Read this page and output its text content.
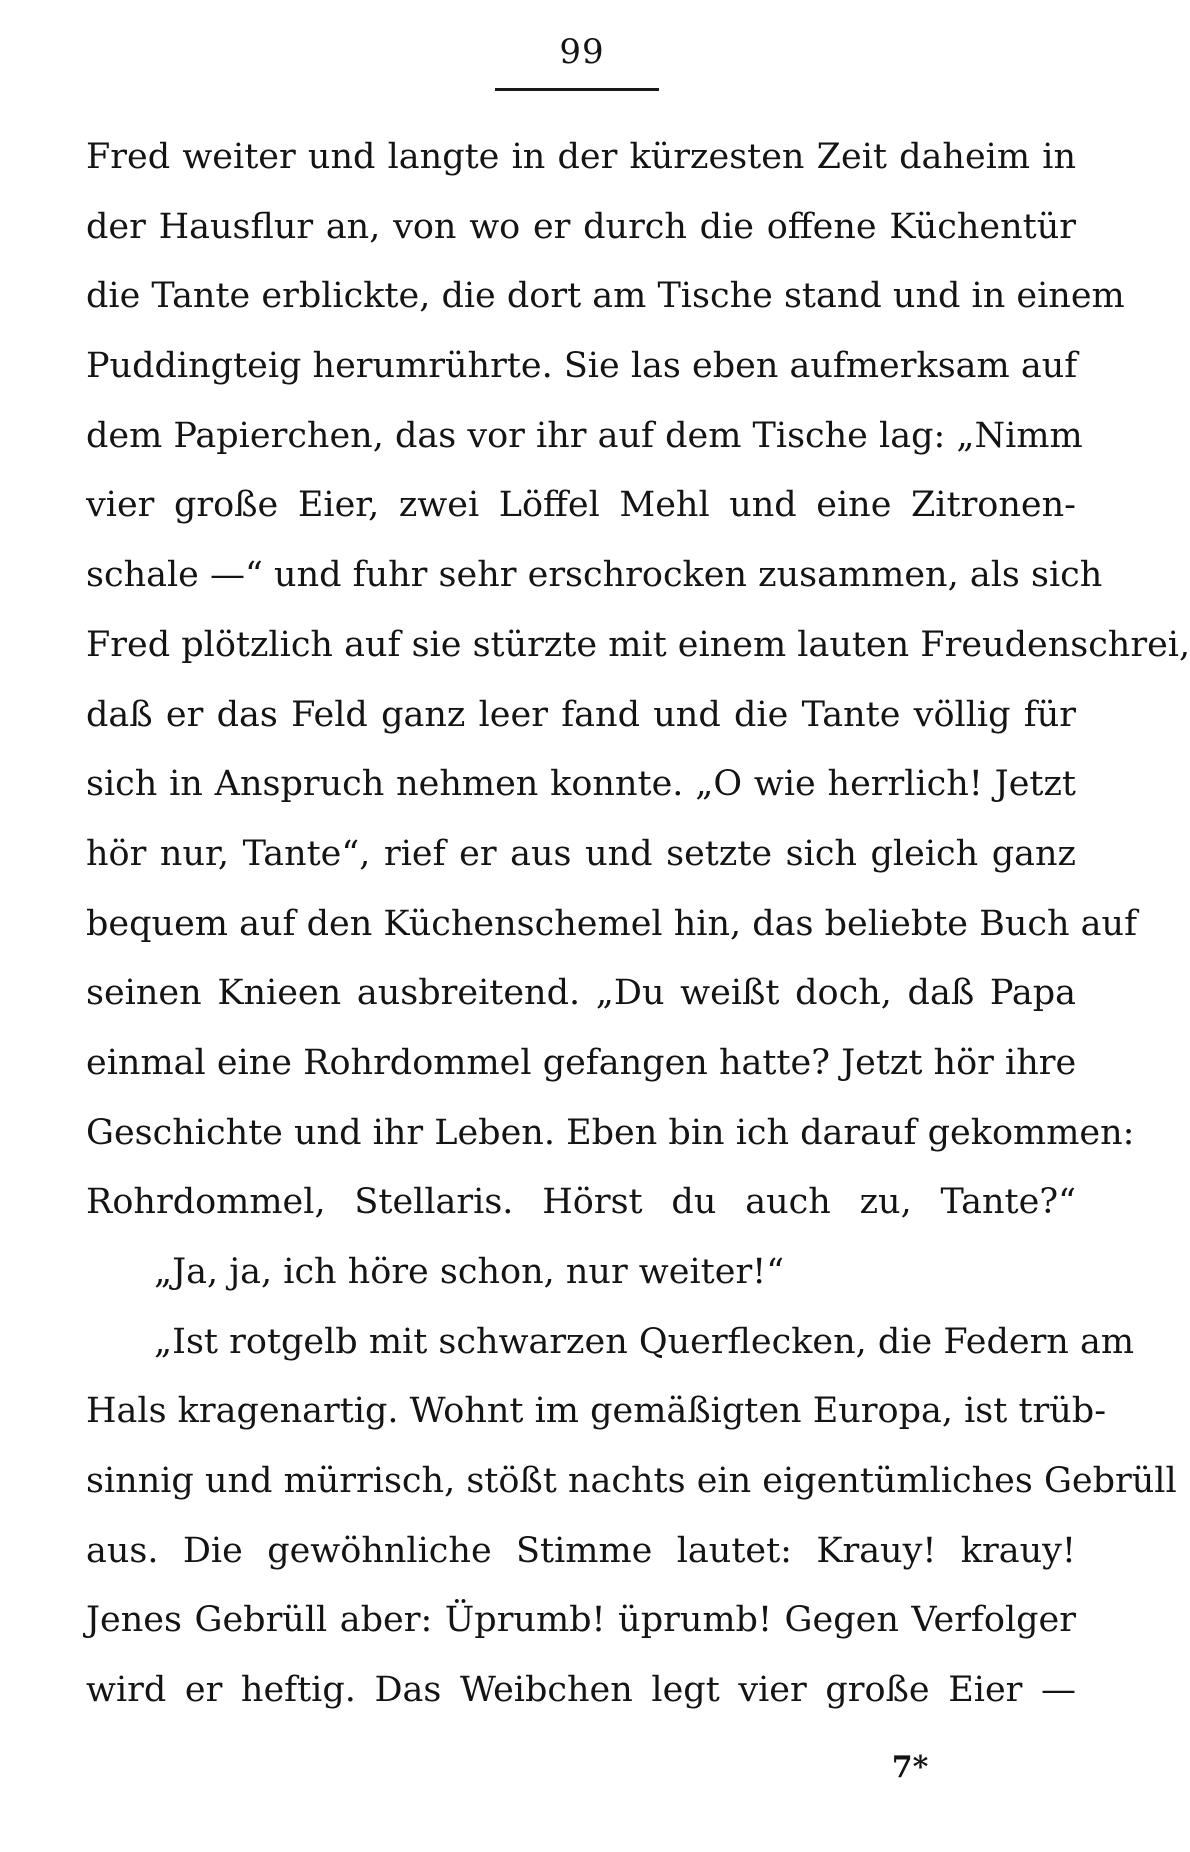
99
Fred weiter und langte in der kürzesten Zeit daheim in
der Hausflur an, von wo er durch die offene Küchentür
die Tante erblickte, die dort am Tische stand und in einem
Puddingteig herumrührte. Sie las eben aufmerksam auf
dem Papierchen, das vor ihr auf dem Tische lag: „Nimm
vier große Eier, zwei Löffel Mehl und eine Zitronen-
schale —“ und fuhr sehr erschrocken zusammen, als sich
Fred plötzlich auf sie stürzte mit einem lauten Freudenschrei,
daß er das Feld ganz leer fand und die Tante völlig für
sich in Anspruch nehmen konnte. „O wie herrlich! Jetzt
hör nur, Tante“, rief er aus und setzte sich gleich ganz
bequem auf den Küchenschemel hin, das beliebte Buch auf
seinen Knieen ausbreitend. „Du weißt doch, daß Papa
einmal eine Rohrdommel gefangen hatte? Jetzt hör ihre
Geschichte und ihr Leben. Eben bin ich darauf gekommen:
Rohrdommel, Stellaris. Hörst du auch zu, Tante?“
„Ja, ja, ich höre schon, nur weiter!“
„Ist rotgelb mit schwarzen Querflecken, die Federn am
Hals kragenartig. Wohnt im gemäßigten Europa, ist trüb-
sinnig und mürrisch, stößt nachts ein eigentümliches Gebrüll
aus. Die gewöhnliche Stimme lautet: Krauy! krauy!
Jenes Gebrüll aber: Üprumb! üprumb! Gegen Verfolger
wird er heftig. Das Weibchen legt vier große Eier —
7*
